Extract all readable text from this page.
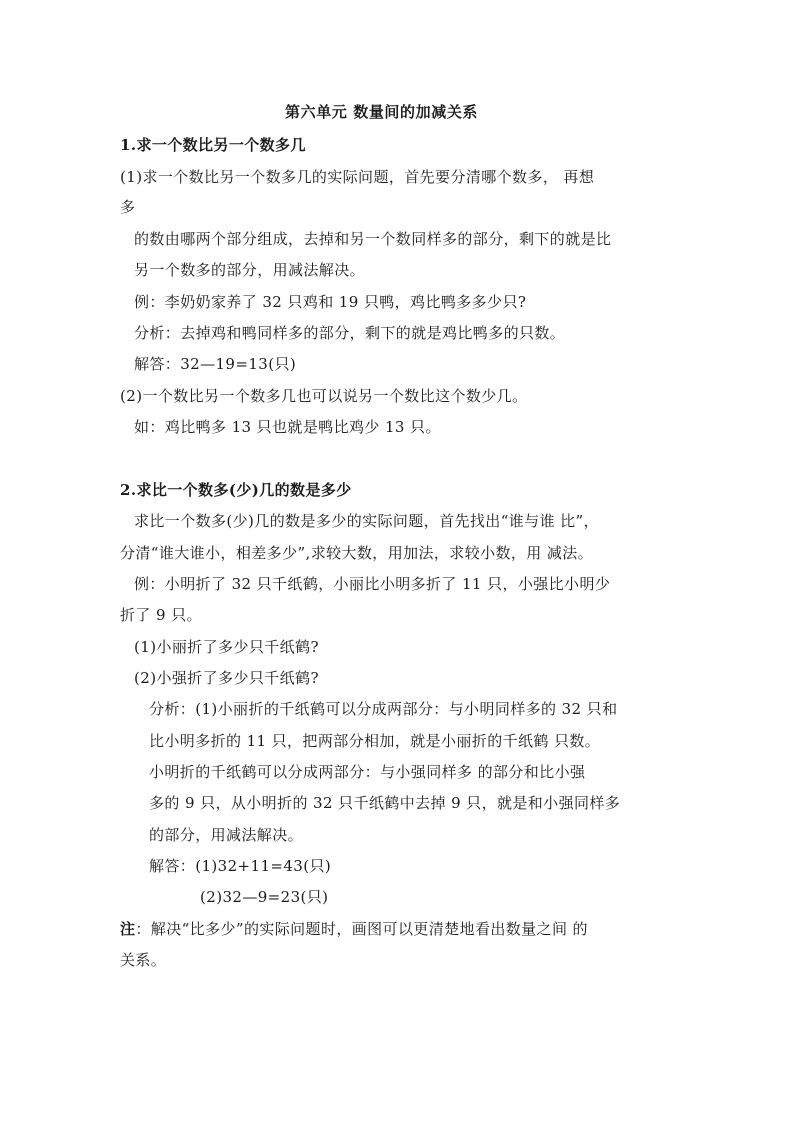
第六单元 数量间的加减关系
1.求一个数比另一个数多几
(1)求一个数比另一个数多几的实际问题，首先要分清哪个数多， 再想
多
的数由哪两个部分组成，去掉和另一个数同样多的部分，剩下的就是比
另一个数多的部分，用减法解决。
例：李奶奶家养了 32 只鸡和 19 只鸭，鸡比鸭多多少只?
分析：去掉鸡和鸭同样多的部分，剩下的就是鸡比鸭多的只数。
解答：32—19=13(只)
(2)一个数比另一个数多几也可以说另一个数比这个数少几。
如：鸡比鸭多 13 只也就是鸭比鸡少 13 只。
2.求比一个数多(少)几的数是多少
求比一个数多(少)几的数是多少的实际问题，首先找出“谁与谁 比”，
分清“谁大谁小，相差多少”,求较大数，用加法，求较小数，用 减法。
例：小明折了 32 只千纸鹤，小丽比小明多折了 11 只，小强比小明少
折了 9 只。
(1)小丽折了多少只千纸鹤?
(2)小强折了多少只千纸鹤?
分析：(1)小丽折的千纸鹤可以分成两部分：与小明同样多的 32 只和
比小明多折的 11 只，把两部分相加，就是小丽折的千纸鹤 只数。
小明折的千纸鹤可以分成两部分：与小强同样多 的部分和比小强
多的 9 只，从小明折的 32 只千纸鹤中去掉 9 只，就是和小强同样多
的部分，用减法解决。
解答：(1)32+11=43(只)
(2)32—9=23(只)
注：解决“比多少”的实际问题时，画图可以更清楚地看出数量之间 的
关系。
